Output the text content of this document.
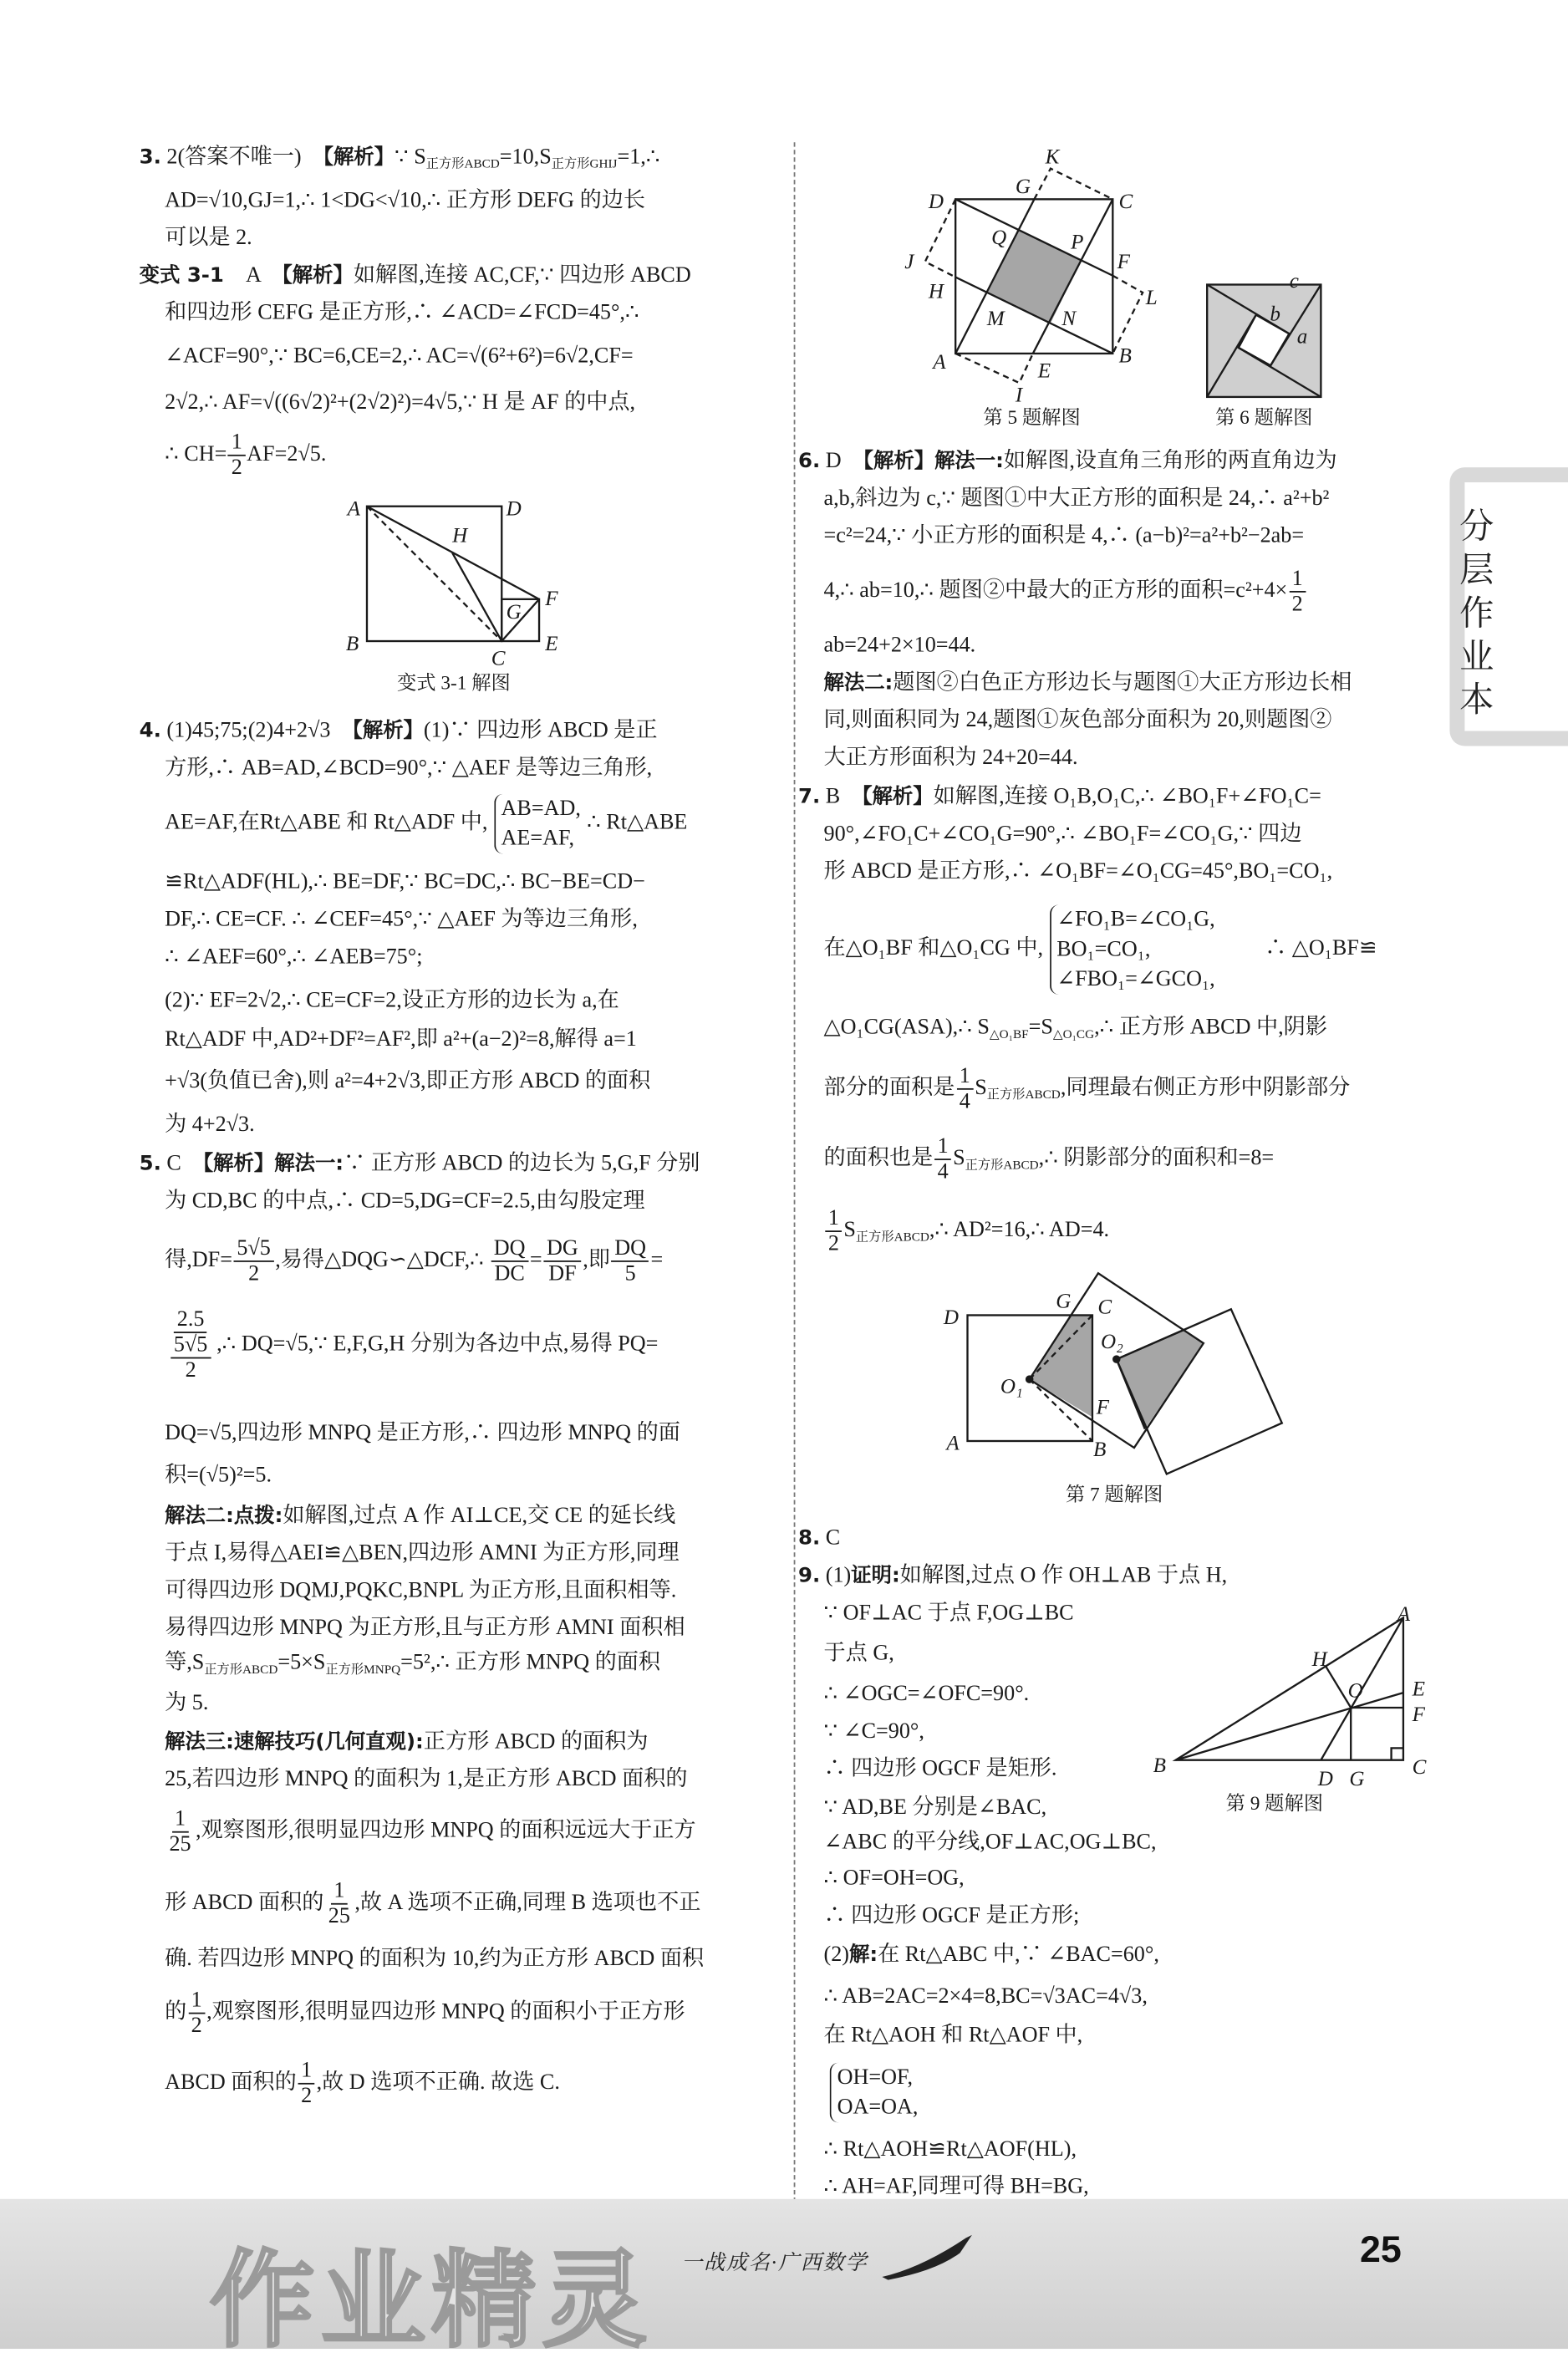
3. 2(答案不唯一)　【解析】∵ $S_{正方形ABCD}=10,S_{正方形GHIJ}=1,\therefore$
AD=√10,GJ=1,∴ 1<DG<√10,∴ 正方形 DEFG 的边长
可以是 2.
变式 3-1　A　【解析】如解图,连接 AC,CF,∵ 四边形 ABCD
和四边形 CEFG 是正方形,∴ ∠ACD=∠FCD=45°,∴
∠ACF=90°,∵ BC=6,CE=2,∴ AC=√(6²+6²)=6√2,CF=
2√2,∴ AF=√((6√2)²+(2√2)²)=4√5,∵ H 是 AF 的中点,
∴ $CH= \frac{1}{2} AF=2√5$.
4. (1)45;75;(2)4+2√3　【解析】(1)∵ 四边形 ABCD 是正
方形,∴ AB=AD,∠BCD=90°,∵ △AEF 是等边三角形,
AE=AF,在Rt△ABE 和 Rt△ADF 中,
AB=AD,
AE=AF,
∴ Rt△ABE
≌Rt△ADF(HL),∴ BE=DF,∵ BC=DC,∴ BC−BE=CD−
DF,∴ CE=CF. ∴ ∠CEF=45°,∵ △AEF 为等边三角形,
∴ ∠AEF=60°,∴ ∠AEB=75°;
(2)∵ EF=2√2,∴ CE=CF=2,设正方形的边长为 a,在
Rt△ADF 中,AD²+DF²=AF²,即 a²+(a−2)²=8,解得 a=1
+√3(负值已舍),则 a²=4+2√3,即正方形 ABCD 的面积
为 4+2√3.
5. C　【解析】解法一:∵ 正方形 ABCD 的边长为 5,G,F 分别
为 CD,BC 的中点,∴ CD=5,DG=CF=2.5,由勾股定理
得$,DF= \frac{5√5}{2}$ ,易得△DQG∽△DCF,∴ $\frac{DQ}{DC} = \frac{DG}{DF}$ ,即 $\frac{DQ}{5}$ =
$\frac{2.5}{\frac{5√5}{2}}$ ,∴ DQ=√5,∵ E,F,G,H 分别为各边中点,易得 PQ=
DQ=√5,四边形 MNPQ 是正方形,∴ 四边形 MNPQ 的面
积=(√5)²=5.
解法二:点拨:如解图,过点 A 作 AI⊥CE,交 CE 的延长线
于点 I,易得△AEI≌△BEN,四边形 AMNI 为正方形,同理
可得四边形 DQMJ,PQKC,BNPL 为正方形,且面积相等.
易得四边形 MNPQ 为正方形,且与正方形 AMNI 面积相
等$,S_{正方形ABCD}=5\times S_{正方形MNPQ}=5^2,\therefore$ 正方形 MNPQ 的面积
为 5.
解法三:速解技巧(几何直观):正方形 ABCD 的面积为
25,若四边形 MNPQ 的面积为 1,是正方形 ABCD 面积的
$\frac{1}{25}$ ,观察图形,很明显四边形 MNPQ 的面积远远大于正方
形 ABCD 面积的 $\frac{1}{25}$ ,故 A 选项不正确,同理 B 选项也不正
确. 若四边形 MNPQ 的面积为 10,约为正方形 ABCD 面积
的 $\frac{1}{2}$ ,观察图形,很明显四边形 MNPQ 的面积小于正方形
ABCD 面积的 $\frac{1}{2}$ ,故 D 选项不正确. 故选 C.
6. D　【解析】解法一:如解图,设直角三角形的两直角边为
a,b,斜边为 c,∵ 题图①中大正方形的面积是 24,∴ a²+b²
=c²=24,∵ 小正方形的面积是 4,∴ (a−b)²=a²+b²−2ab=
4,∴ ab=10,∴ 题图②中最大的正方形的面积$=c^2+4\times \frac{1}{2}$
ab=24+2×10=44.
解法二:题图②白色正方形边长与题图①大正方形边长相
同,则面积同为 24,题图①灰色部分面积为 20,则题图②
大正方形面积为 24+20=44.
7. B　【解析】如解图,连接 O₁B,O₁C,∴ ∠BO₁F+∠FO₁C=
90°,∠FO₁C+∠CO₁G=90°,∴ ∠BO₁F=∠CO₁G,∵ 四边
形 ABCD 是正方形,∴ ∠O₁BF=∠O₁CG=45°,BO₁=CO₁,
在△O₁BF 和△O₁CG 中,
∠FO₁B=∠CO₁G,
BO₁=CO₁,
∠FBO₁=∠GCO₁,
　　∴ △O₁BF≌
△O₁CG(ASA),∴ $S_{\triangle O_1BF}=S_{\triangle O_1CG},\therefore$ 正方形 ABCD 中,阴影
部分的面积是 $\frac{1}{4} S_{正方形ABCD}$,同理最右侧正方形中阴影部分
的面积也是 $\frac{1}{4}$ $S_{正方形ABCD},\therefore$ 阴影部分的面积和=8=
$\frac{1}{2}$ $S_{正方形ABCD},\therefore$ AD²=16,∴ AD=4.
8. C
9. (1)证明:如解图,过点 O 作 OH⊥AB 于点 H,
∵ OF⊥AC 于点 F,OG⊥BC
于点 G,
∴ ∠OGC=∠OFC=90°.
∵ ∠C=90°,
∴ 四边形 OGCF 是矩形.
∵ AD,BE 分别是∠BAC,
∠ABC 的平分线,OF⊥AC,OG⊥BC,
∴ OF=OH=OG,
∴ 四边形 OGCF 是正方形;
(2)解:在 Rt△ABC 中,∵ ∠BAC=60°,
∴ AB=2AC=2×4=8,BC=√3AC=4√3,
在 Rt△AOH 和 Rt△AOF 中,
OH=OF,
OA=OA,
∴ Rt△AOH≌Rt△AOF(HL),
∴ AH=AF,同理可得 BH=BG,
A	D
H
B
C
G
F
E
变式 3-1 解图
K
G
D	C
Q	P
J	F
H	L
M	N
A	B
E
I
第 5 题解图
c
b
a
第 6 题解图
G C
D
O₂
O₁
F
A	B
第 7 题解图
A
H
O	E
F
B
D G
C
第 9 题解图
分层作业本
作业精灵 一战成名·广西数学	25
